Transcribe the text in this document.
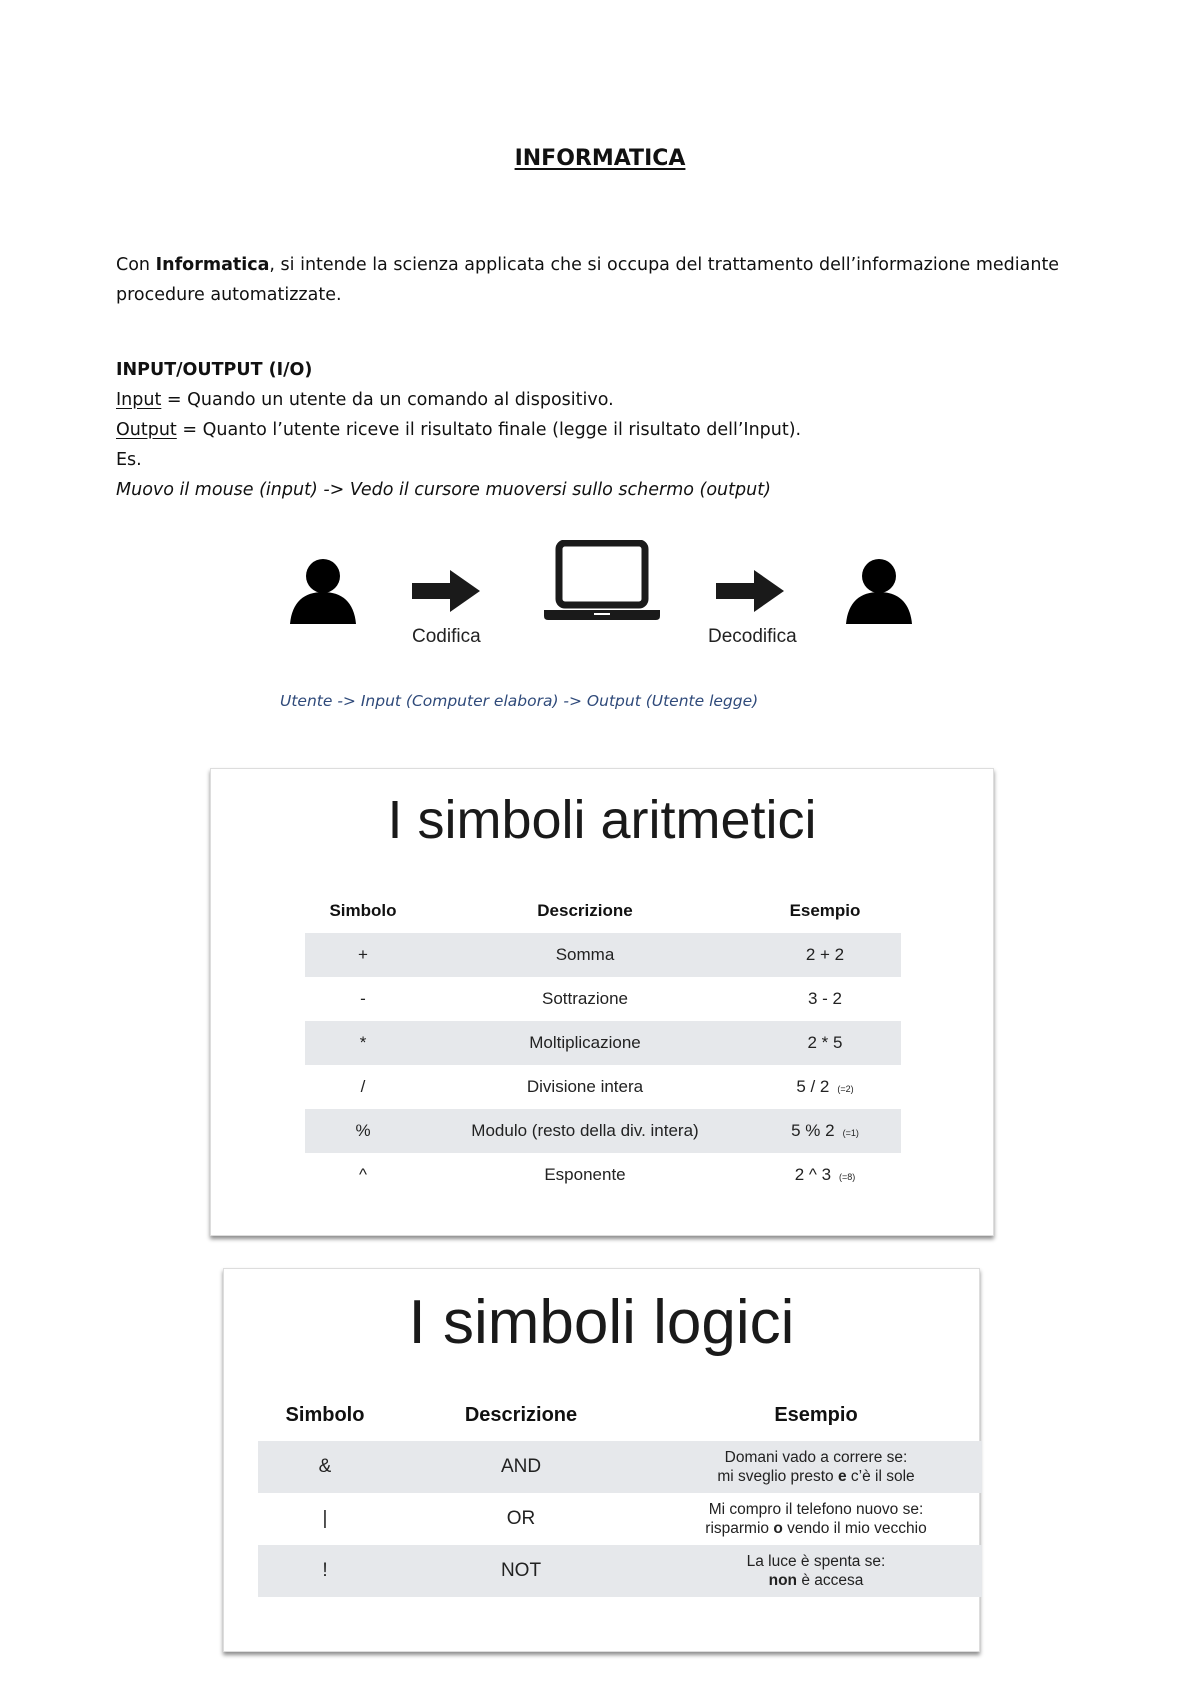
INFORMATICA
Con Informatica, si intende la scienza applicata che si occupa del trattamento dell’informazione mediante procedure automatizzate.
INPUT/OUTPUT (I/O)
Input = Quando un utente da un comando al dispositivo.
Output = Quanto l’utente riceve il risultato finale (legge il risultato dell’Input).
Es.
Muovo il mouse (input) -> Vedo il cursore muoversi sullo schermo (output)
Codifica	Decodifica
Utente -> Input (Computer elabora) -> Output (Utente legge)
I simboli aritmetici
Simbolo	Descrizione	Esempio
+	Somma	2 + 2
-	Sottrazione	3 - 2
*	Moltiplicazione	2 * 5
/	Divisione intera	5 / 2 (=2)
%	Modulo (resto della div. intera)	5 % 2 (=1)
^	Esponente	2 ^ 3 (=8)
I simboli logici
Simbolo	Descrizione	Esempio
&	AND	Domani vado a correre se:
mi sveglio presto e c’è il sole
|	OR	Mi compro il telefono nuovo se:
risparmio o vendo il mio vecchio
!	NOT	La luce è spenta se:
non è accesa
